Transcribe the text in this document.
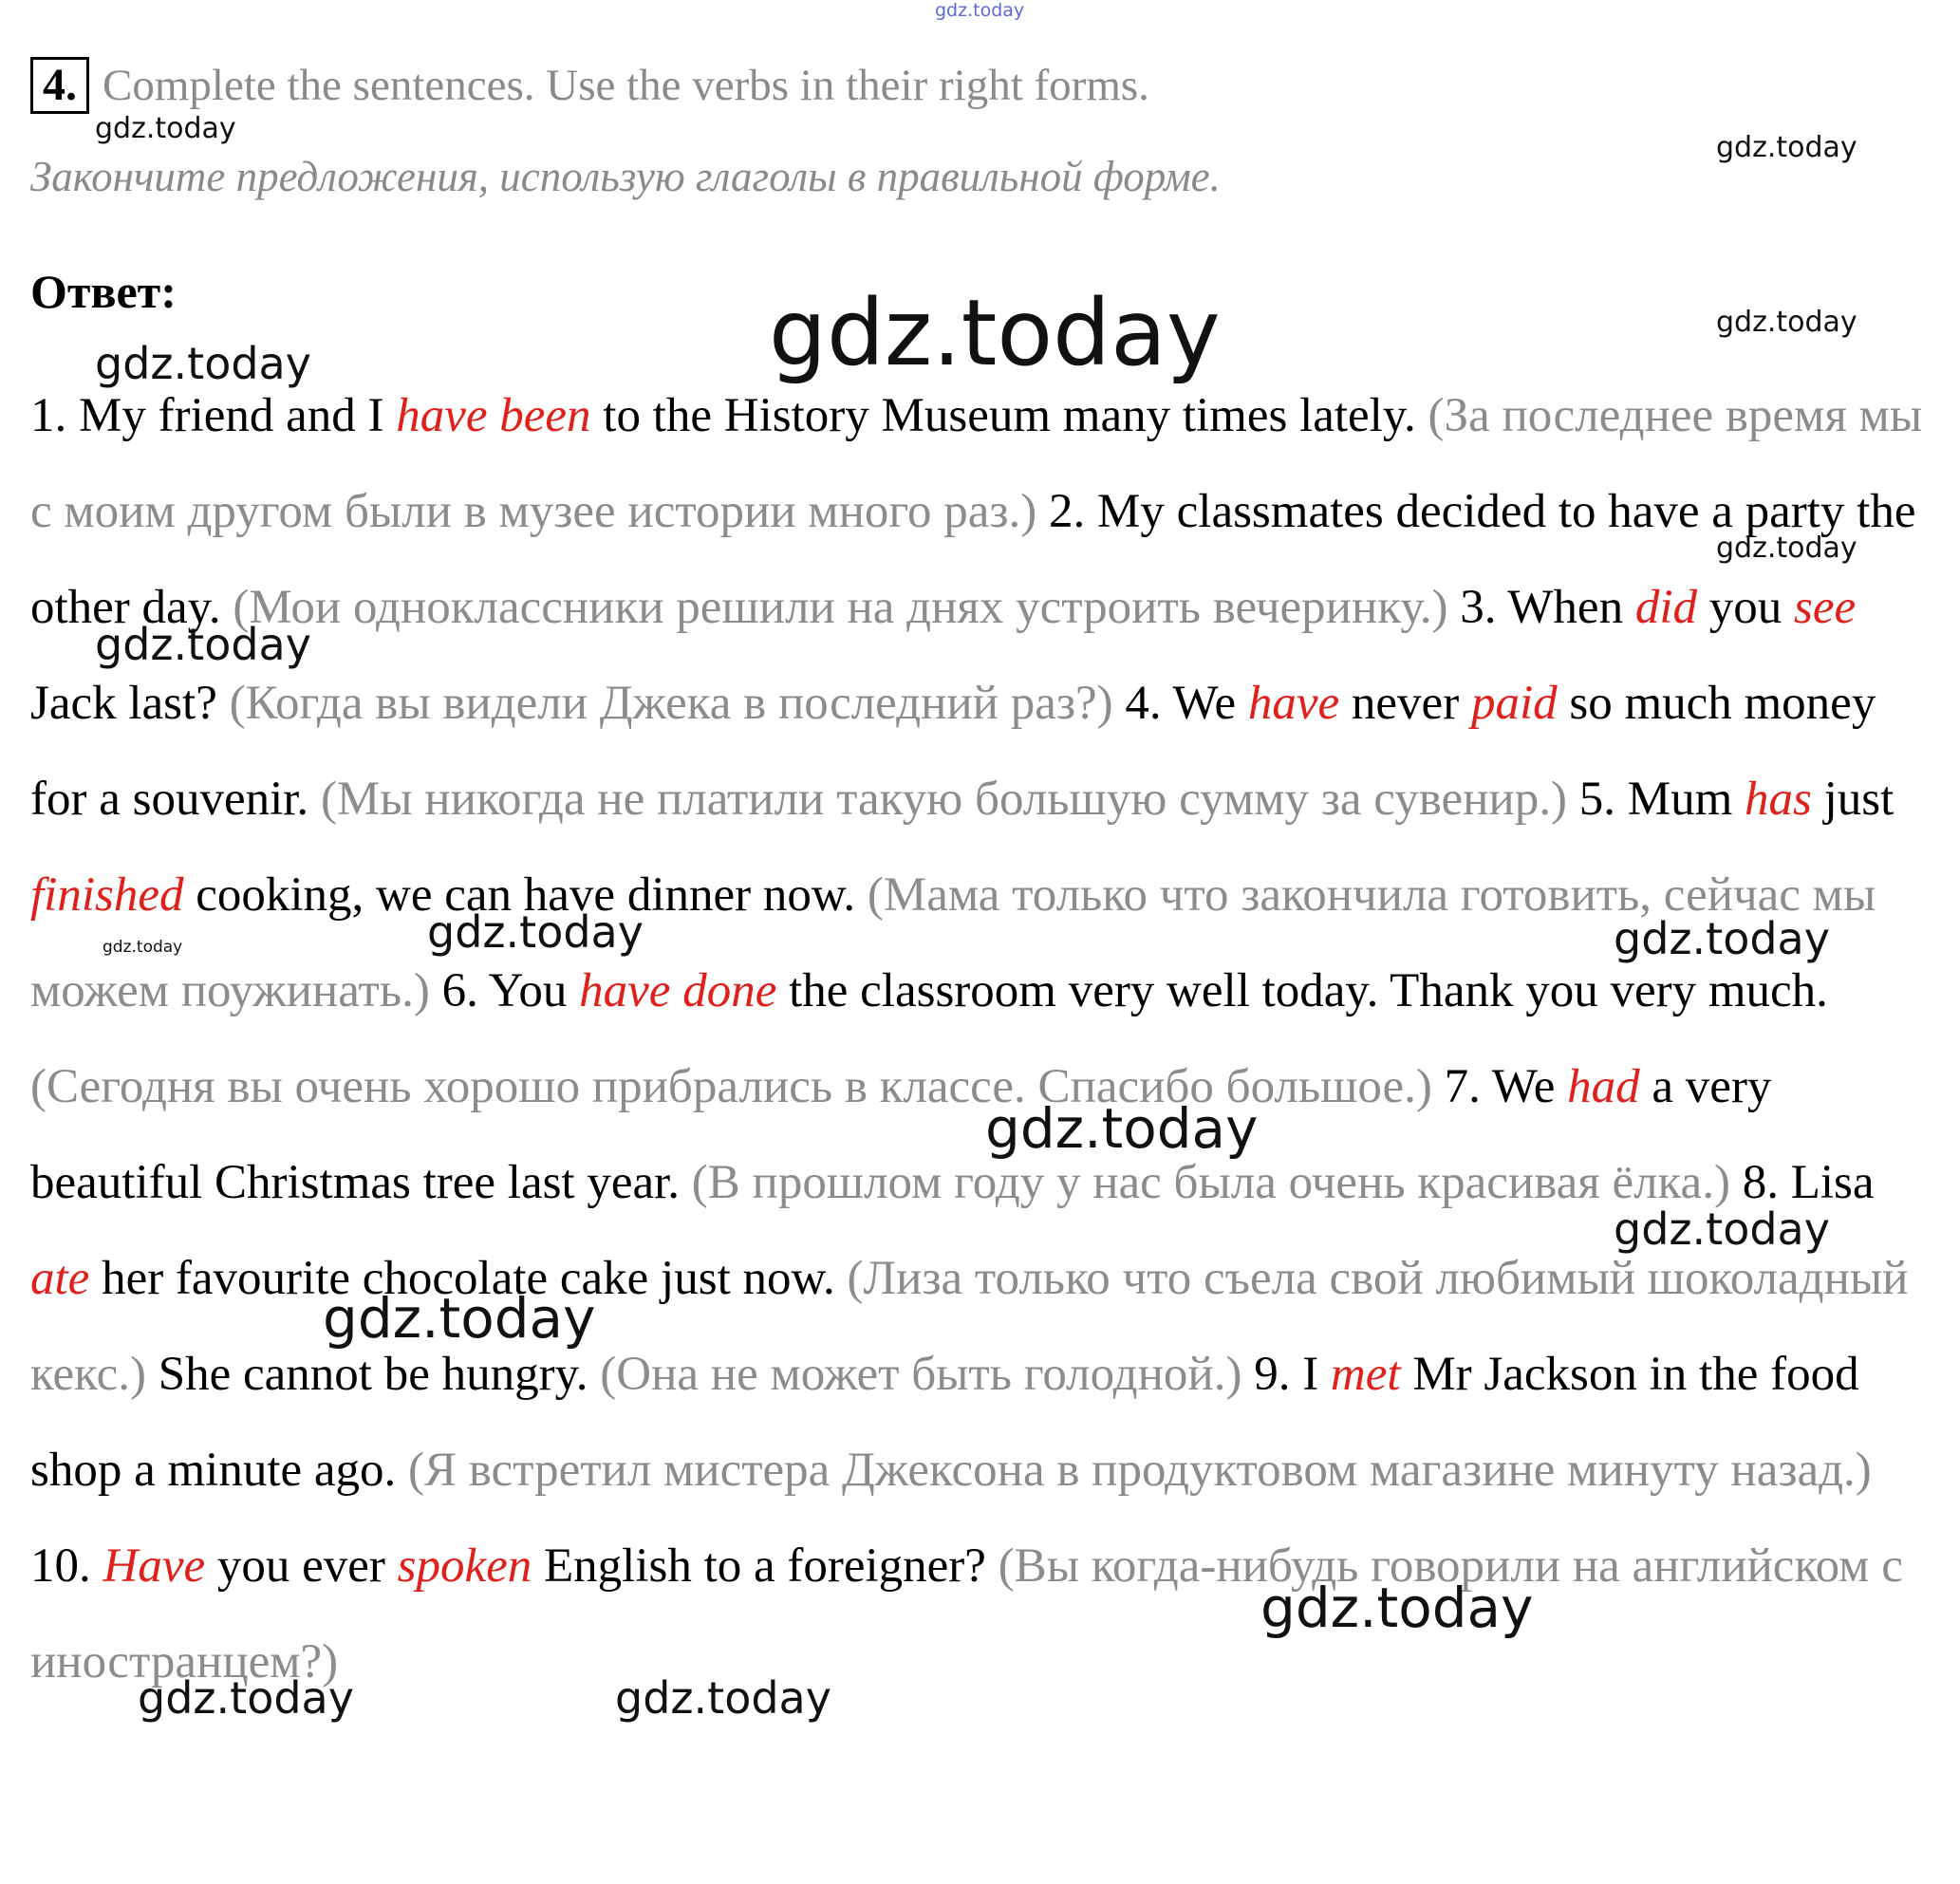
gdz.today
4. Complete the sentences. Use the verbs in their right forms.
Закончите предложения, использую глаголы в правильной форме.
Ответ:
1. My friend and I have been to the History Museum many times lately. (За последнее время мы с моим другом были в музее истории много раз.) 2. My classmates decided to have a party the other day. (Мои одноклассники решили на днях устроить вечеринку.) 3. When did you see Jack last? (Когда вы видели Джека в последний раз?) 4. We have never paid so much money for a souvenir. (Мы никогда не платили такую большую сумму за сувенир.) 5. Mum has just finished cooking, we can have dinner now. (Мама только что закончила готовить, сейчас мы можем поужинать.) 6. You have done the classroom very well today. Thank you very much. (Сегодня вы очень хорошо прибрались в классе. Спасибо большое.) 7. We had a very beautiful Christmas tree last year. (В прошлом году у нас была очень красивая ёлка.) 8. Lisa ate her favourite chocolate cake just now. (Лиза только что съела свой любимый шоколадный кекс.) She cannot be hungry. (Она не может быть голодной.) 9. I met Mr Jackson in the food shop a minute ago. (Я встретил мистера Джексона в продуктовом магазине минуту назад.) 10. Have you ever spoken English to a foreigner? (Вы когда-нибудь говорили на английском с иностранцем?)
gdz.today
gdz.today
gdz.today	gdz.today
gdz.today
gdz.today
gdz.today
gdz.today	gdz.today	gdz.today
gdz.today
gdz.today
gdz.today
gdz.today
gdz.today	gdz.today
